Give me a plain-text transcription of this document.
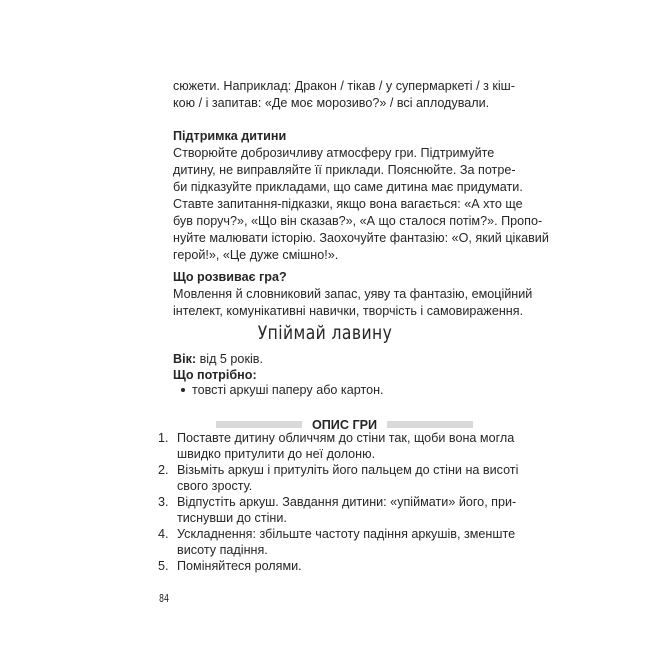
сюжети. Наприклад: Дракон / тікав / у супермаркеті / з кіш-
кою / і запитав: «Де моє морозиво?» / всі аплодували.
Підтримка дитини
Створюйте доброзичливу атмосферу гри. Підтримуйте
дитину, не виправляйте її приклади. Пояснюйте. За потре-
би підказуйте прикладами, що саме дитина має придумати.
Ставте запитання-підказки, якщо вона вагається: «А хто ще
був поруч?», «Що він сказав?», «А що сталося потім?». Пропо-
нуйте малювати історію. Заохочуйте фантазію: «О, який цікавий
герой!», «Це дуже смішно!».
Що розвиває гра?
Мовлення й словниковий запас, уяву та фантазію, емоційний
інтелект, комунікативні навички, творчість і самовираження.
Упіймай лавину
Вік: від 5 років.
Що потрібно:
товсті аркуші паперу або картон.
ОПИС ГРИ
1. Поставте дитину обличчям до стіни так, щоби вона могла
швидко притулити до неї долоню.
2. Візьміть аркуш і притуліть його пальцем до стіни на висоті
свого зросту.
3. Відпустіть аркуш. Завдання дитини: «упіймати» його, при-
тиснувши до стіни.
4. Ускладнення: збільште частоту падіння аркушів, зменште
висоту падіння.
5. Поміняйтеся ролями.
84
